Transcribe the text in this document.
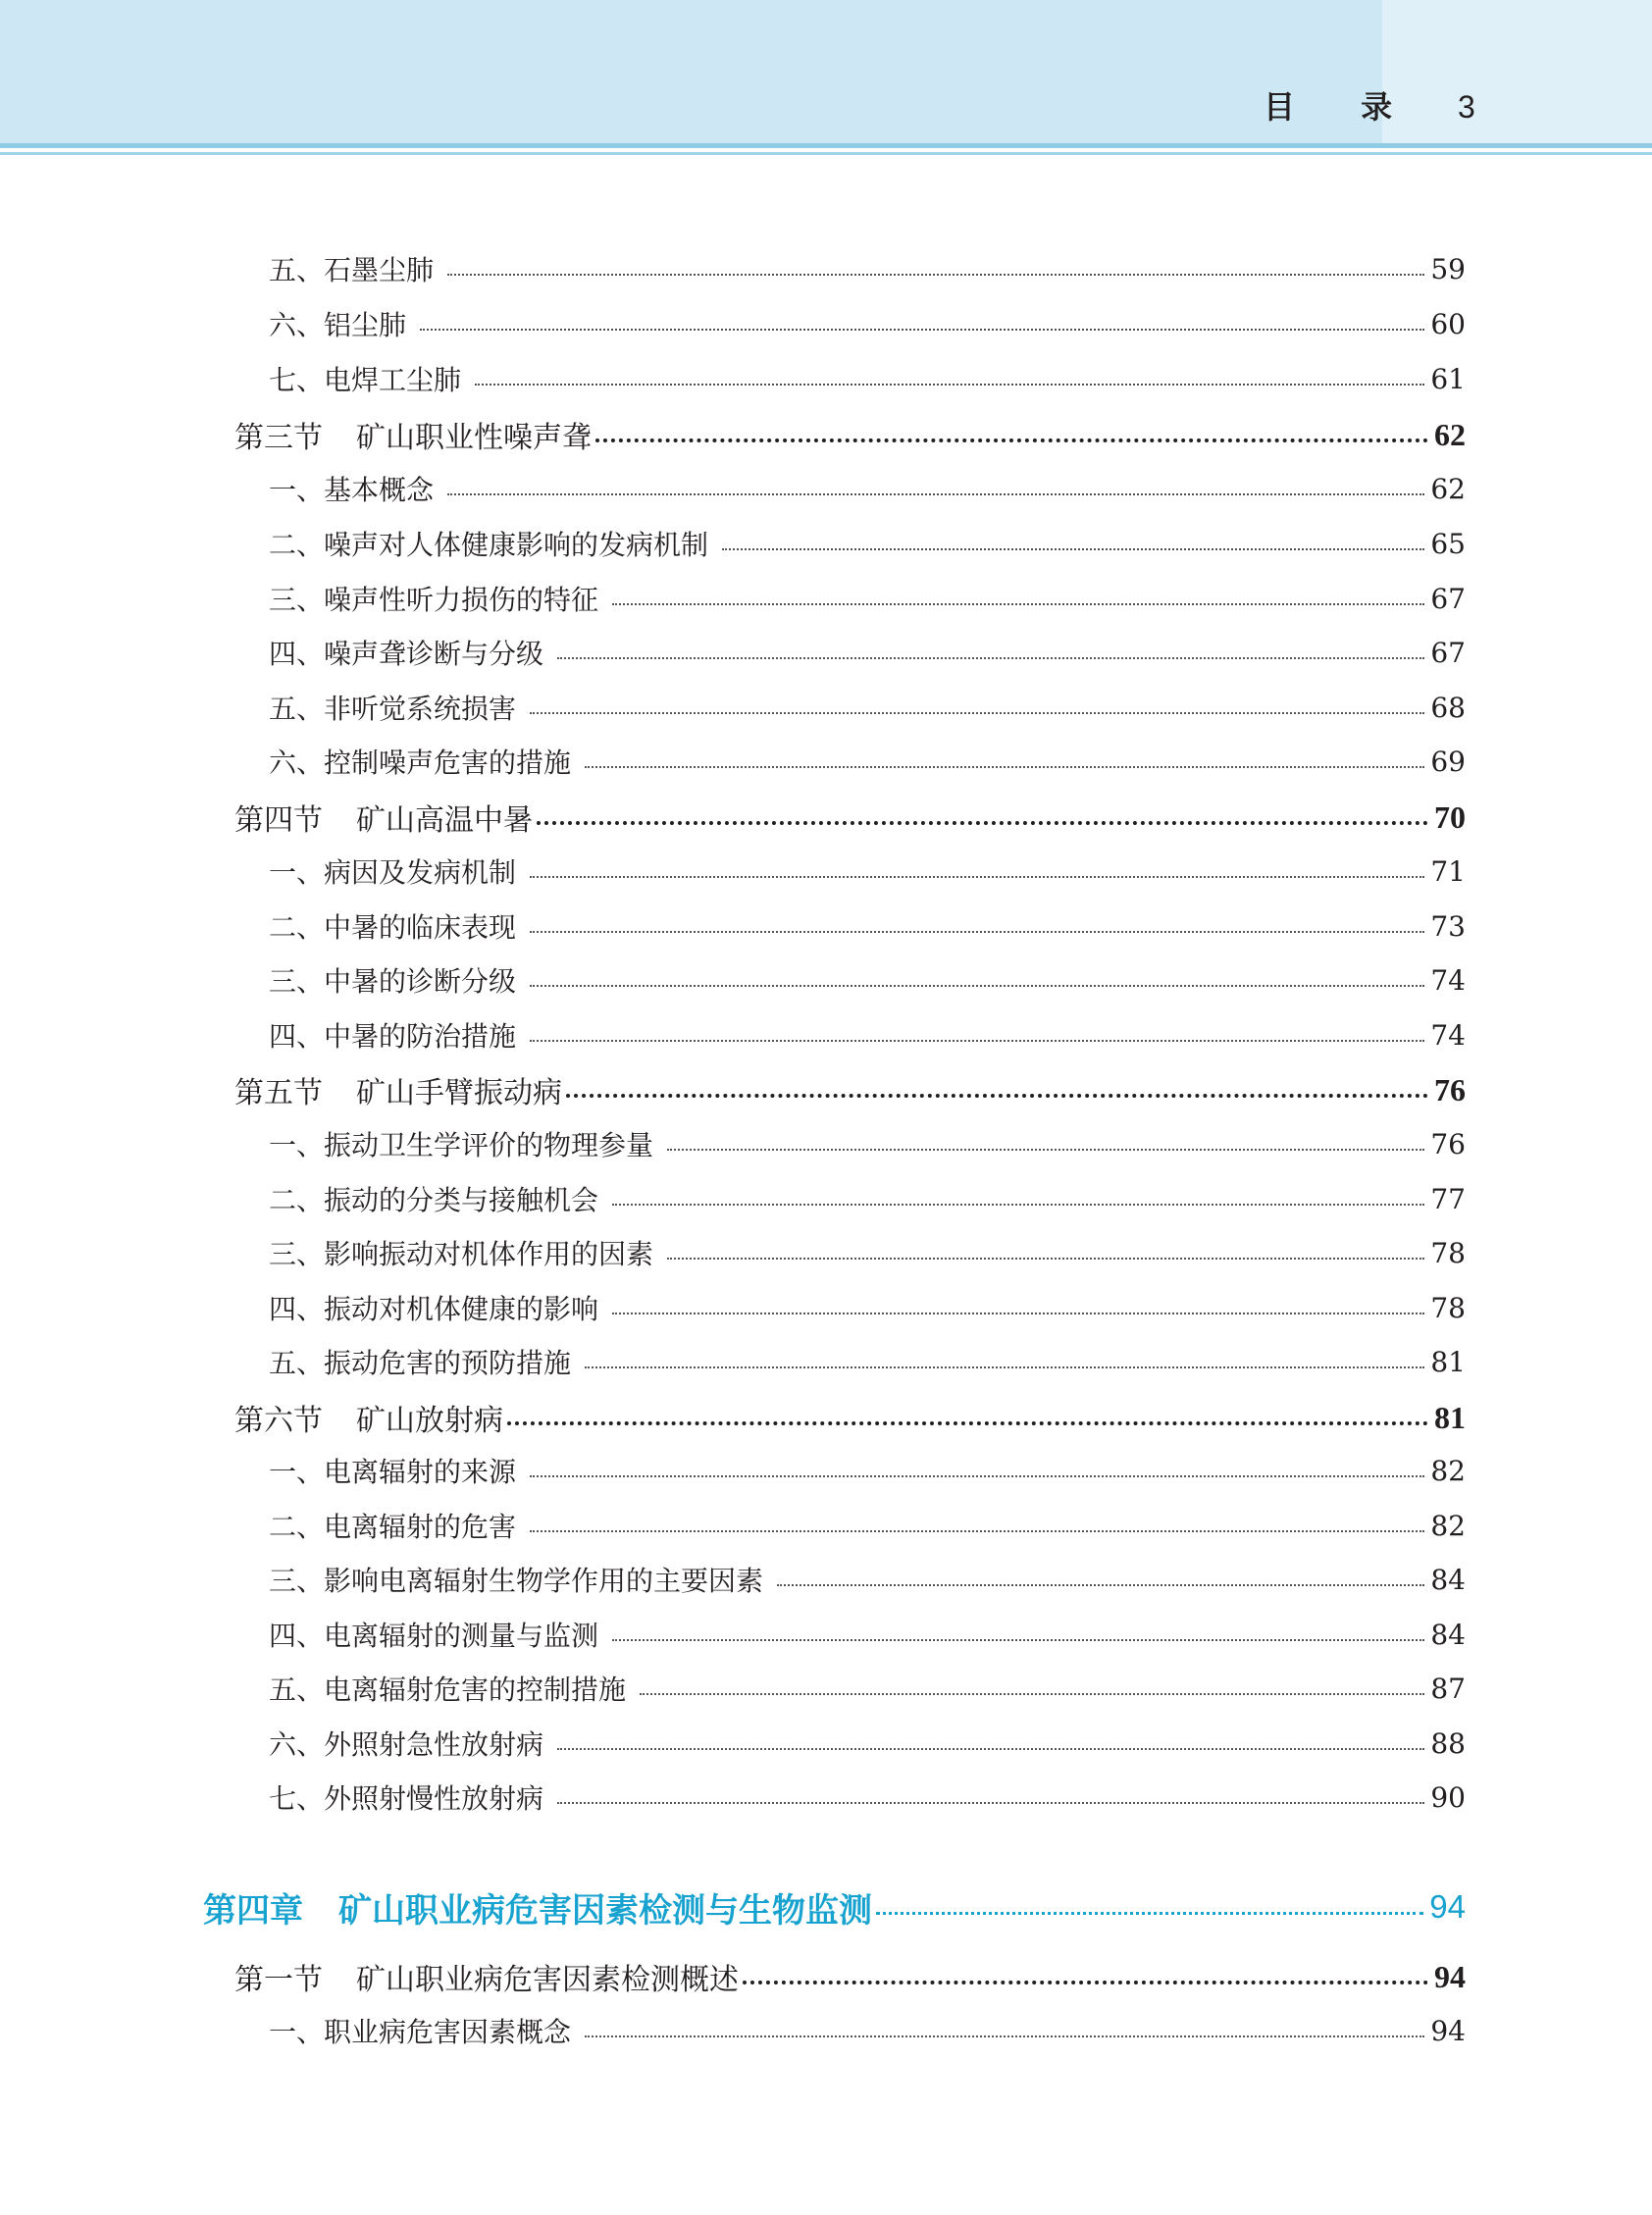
目 录 3
五、石墨尘肺	59
六、铝尘肺	60
七、电焊工尘肺	61
第三节 矿山职业性噪声聋	62
一、基本概念	62
二、噪声对人体健康影响的发病机制	65
三、噪声性听力损伤的特征	67
四、噪声聋诊断与分级	67
五、非听觉系统损害	68
六、控制噪声危害的措施	69
第四节 矿山高温中暑	70
一、病因及发病机制	71
二、中暑的临床表现	73
三、中暑的诊断分级	74
四、中暑的防治措施	74
第五节 矿山手臂振动病	76
一、振动卫生学评价的物理参量	76
二、振动的分类与接触机会	77
三、影响振动对机体作用的因素	78
四、振动对机体健康的影响	78
五、振动危害的预防措施	81
第六节 矿山放射病	81
一、电离辐射的来源	82
二、电离辐射的危害	82
三、影响电离辐射生物学作用的主要因素	84
四、电离辐射的测量与监测	84
五、电离辐射危害的控制措施	87
六、外照射急性放射病	88
七、外照射慢性放射病	90
第四章 矿山职业病危害因素检测与生物监测	94
第一节 矿山职业病危害因素检测概述	94
一、职业病危害因素概念	94
